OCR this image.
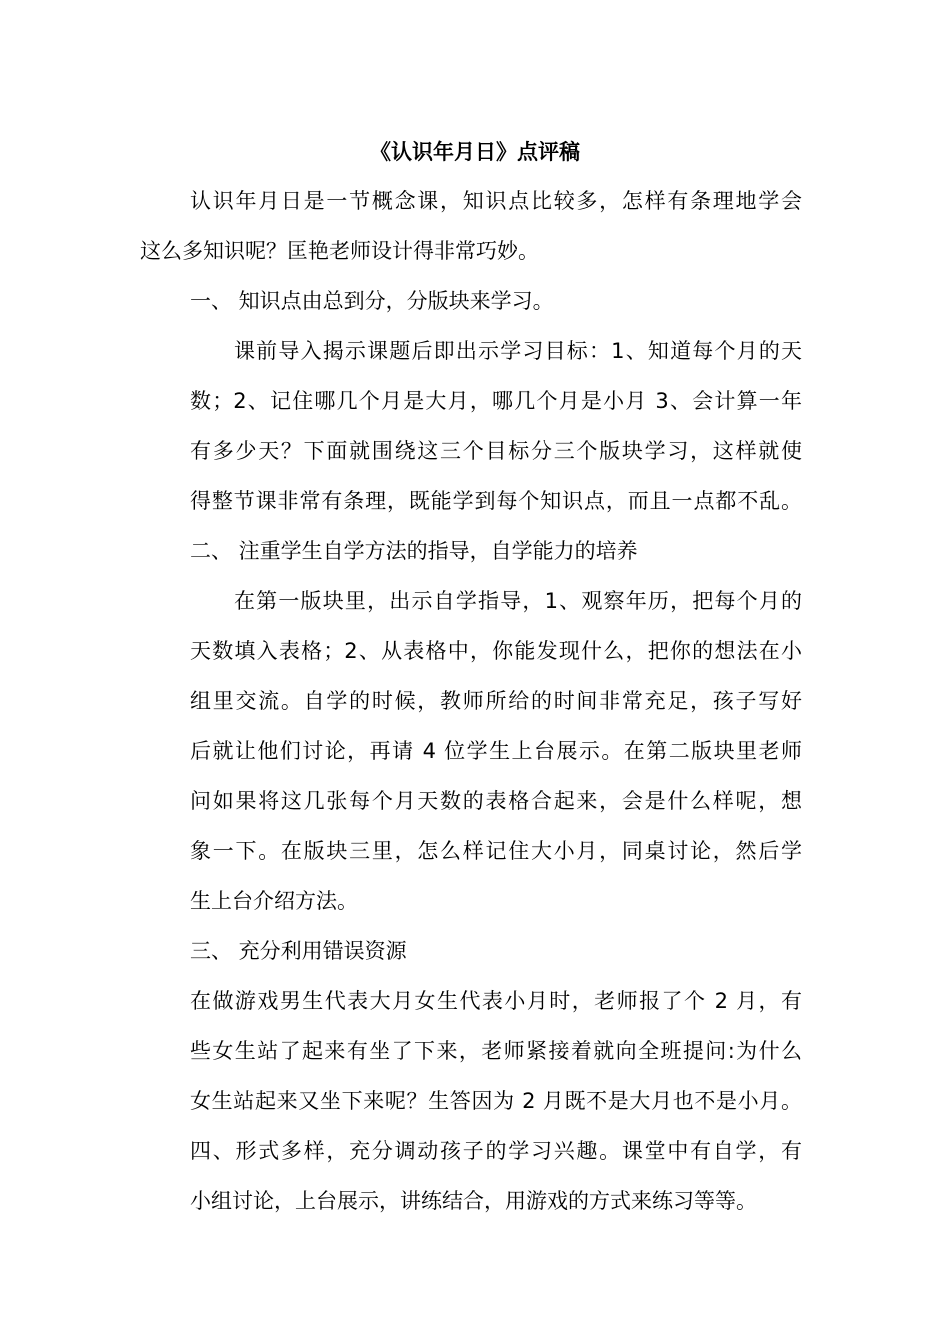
《认识年月日》点评稿
认识年月日是一节概念课，知识点比较多，怎样有条理地学会
这么多知识呢？匡艳老师设计得非常巧妙。
一、 知识点由总到分，分版块来学习。
课前导入揭示课题后即出示学习目标：1、知道每个月的天
数；2、记住哪几个月是大月，哪几个月是小月 3、会计算一年
有多少天？下面就围绕这三个目标分三个版块学习，这样就使
得整节课非常有条理，既能学到每个知识点，而且一点都不乱。
二、 注重学生自学方法的指导，自学能力的培养
在第一版块里，出示自学指导，1、观察年历，把每个月的
天数填入表格；2、从表格中，你能发现什么，把你的想法在小
组里交流。自学的时候，教师所给的时间非常充足，孩子写好
后就让他们讨论，再请 4 位学生上台展示。在第二版块里老师
问如果将这几张每个月天数的表格合起来，会是什么样呢，想
象一下。在版块三里，怎么样记住大小月，同桌讨论，然后学
生上台介绍方法。
三、 充分利用错误资源
在做游戏男生代表大月女生代表小月时，老师报了个 2 月，有
些女生站了起来有坐了下来，老师紧接着就向全班提问:为什么
女生站起来又坐下来呢？生答因为 2 月既不是大月也不是小月。
四、形式多样，充分调动孩子的学习兴趣。课堂中有自学，有
小组讨论，上台展示，讲练结合，用游戏的方式来练习等等。
